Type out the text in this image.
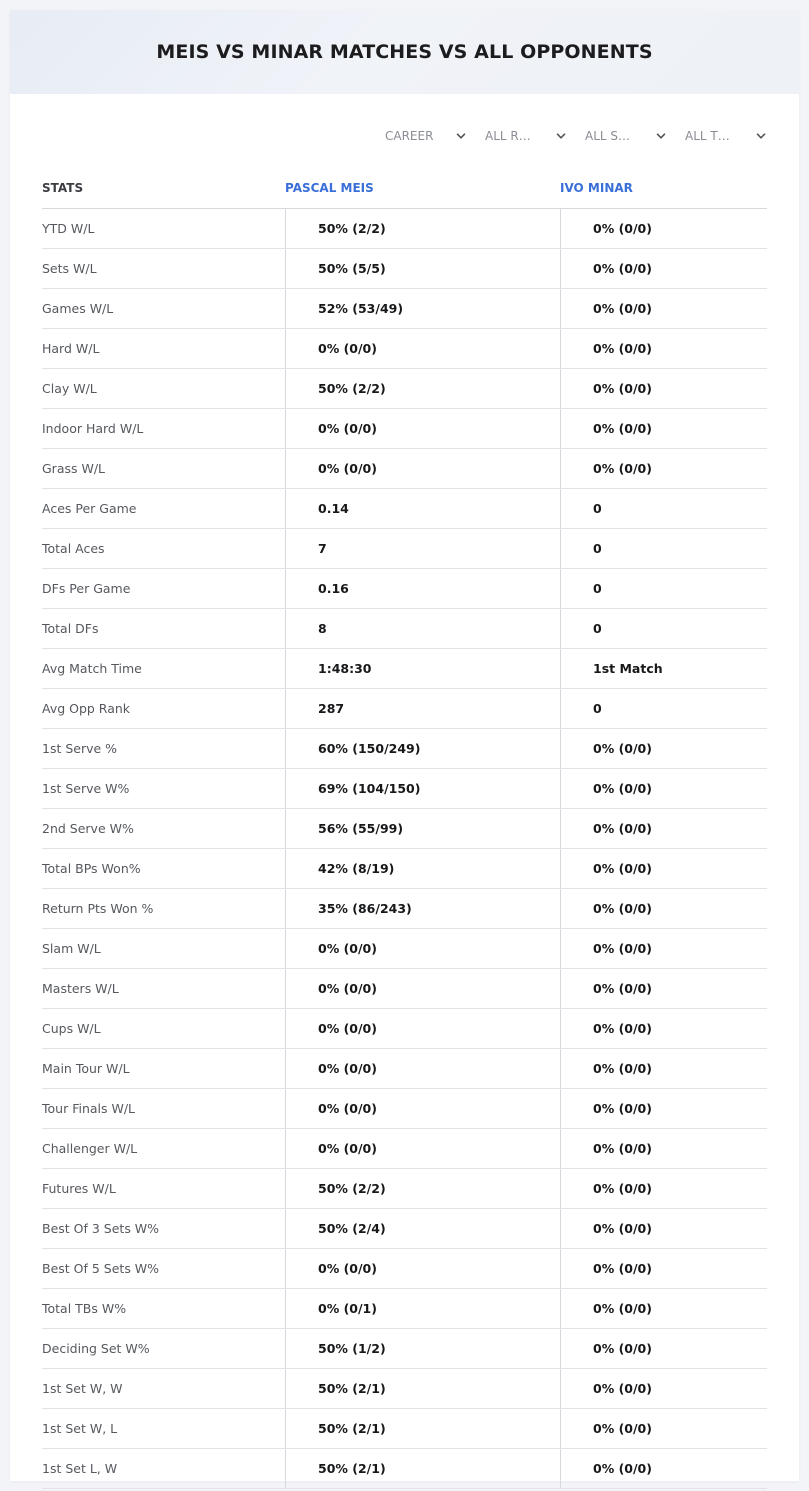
MEIS VS MINAR MATCHES VS ALL OPPONENTS
CAREER	ALL R…	ALL S…	ALL T…
STATS	PASCAL MEIS	IVO MINAR
YTD W/L	50% (2/2)	0% (0/0)
Sets W/L	50% (5/5)	0% (0/0)
Games W/L	52% (53/49)	0% (0/0)
Hard W/L	0% (0/0)	0% (0/0)
Clay W/L	50% (2/2)	0% (0/0)
Indoor Hard W/L	0% (0/0)	0% (0/0)
Grass W/L	0% (0/0)	0% (0/0)
Aces Per Game	0.14	0
Total Aces	7	0
DFs Per Game	0.16	0
Total DFs	8	0
Avg Match Time	1:48:30	1st Match
Avg Opp Rank	287	0
1st Serve %	60% (150/249)	0% (0/0)
1st Serve W%	69% (104/150)	0% (0/0)
2nd Serve W%	56% (55/99)	0% (0/0)
Total BPs Won%	42% (8/19)	0% (0/0)
Return Pts Won %	35% (86/243)	0% (0/0)
Slam W/L	0% (0/0)	0% (0/0)
Masters W/L	0% (0/0)	0% (0/0)
Cups W/L	0% (0/0)	0% (0/0)
Main Tour W/L	0% (0/0)	0% (0/0)
Tour Finals W/L	0% (0/0)	0% (0/0)
Challenger W/L	0% (0/0)	0% (0/0)
Futures W/L	50% (2/2)	0% (0/0)
Best Of 3 Sets W%	50% (2/4)	0% (0/0)
Best Of 5 Sets W%	0% (0/0)	0% (0/0)
Total TBs W%	0% (0/1)	0% (0/0)
Deciding Set W%	50% (1/2)	0% (0/0)
1st Set W, W	50% (2/1)	0% (0/0)
1st Set W, L	50% (2/1)	0% (0/0)
1st Set L, W	50% (2/1)	0% (0/0)
